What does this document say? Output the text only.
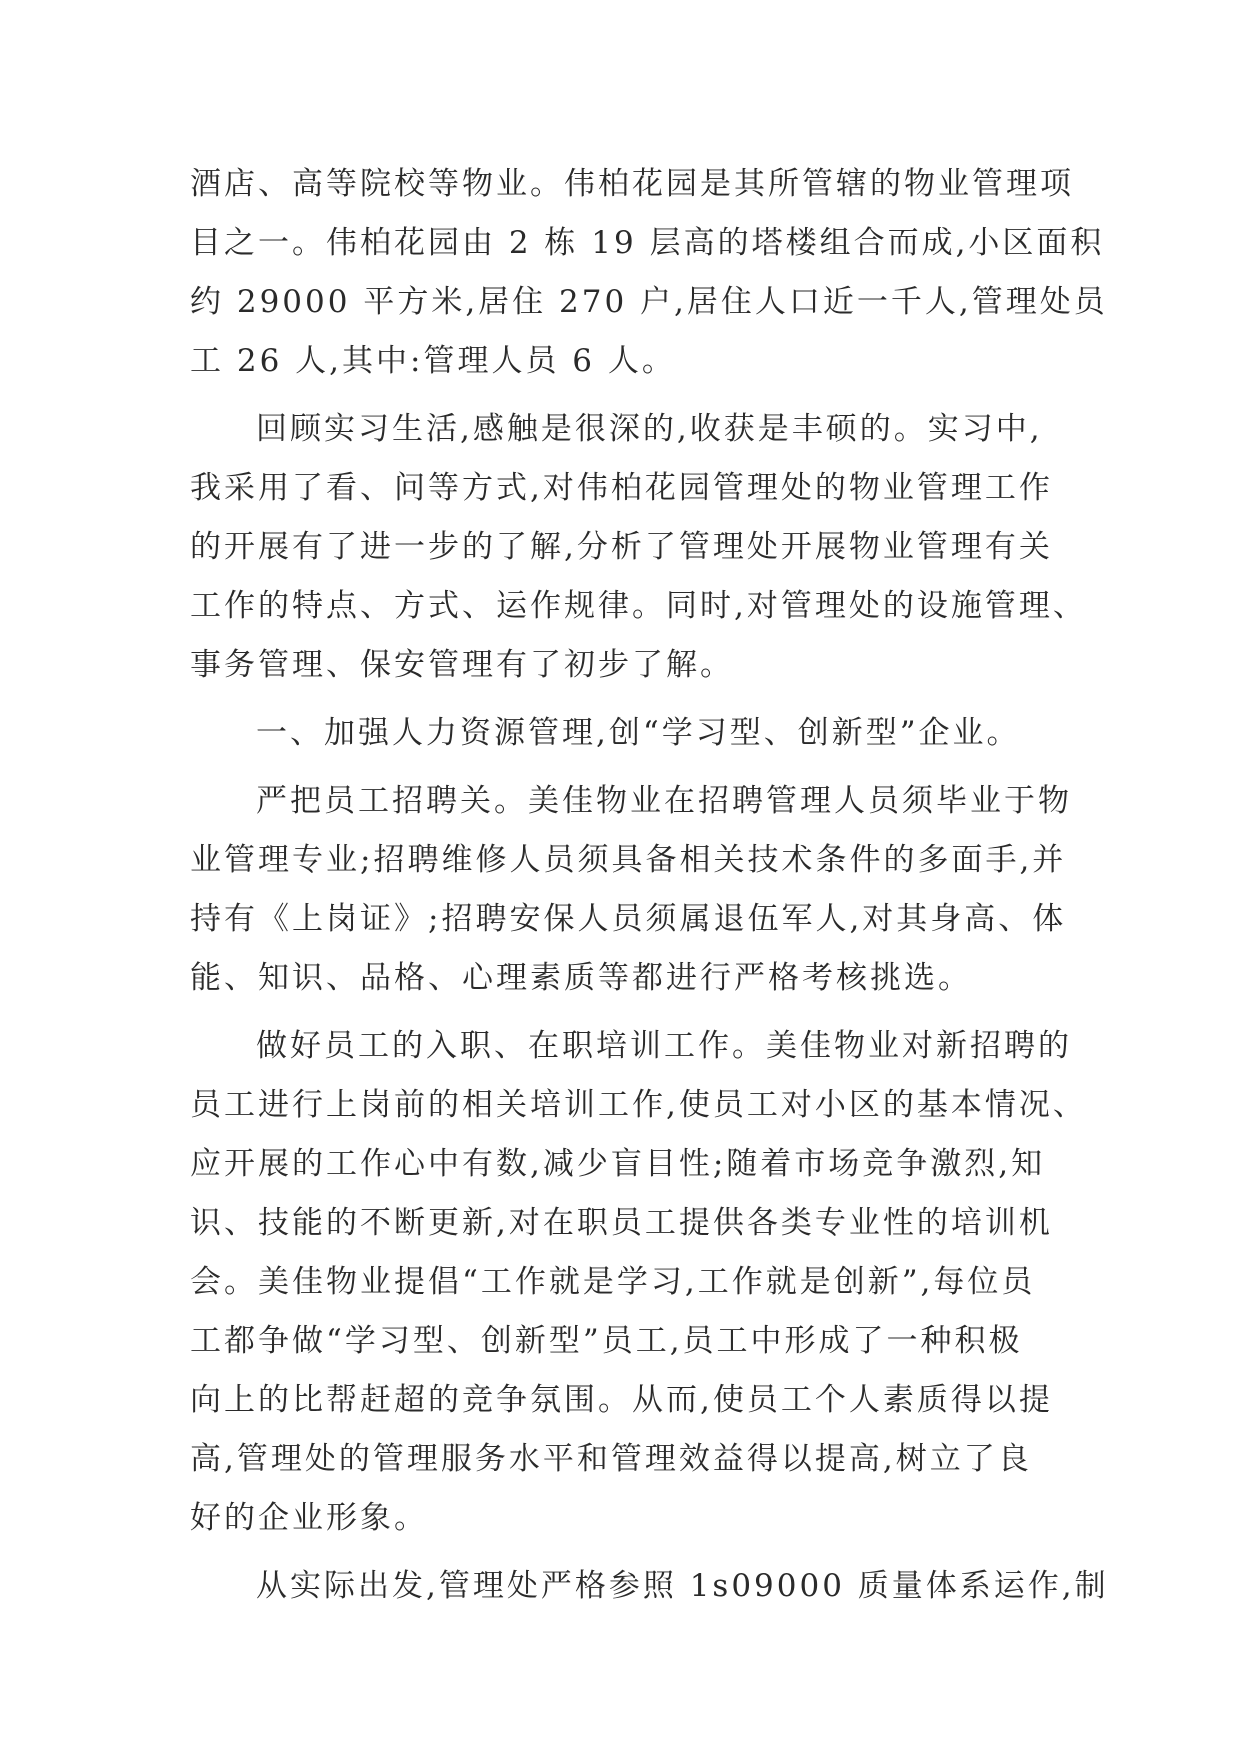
酒店、高等院校等物业。伟柏花园是其所管辖的物业管理项
目之一。伟柏花园由 2 栋 19 层高的塔楼组合而成,小区面积
约 29000 平方米,居住 270 户,居住人口近一千人,管理处员
工 26 人,其中:管理人员 6 人。
回顾实习生活,感触是很深的,收获是丰硕的。实习中,
我采用了看、问等方式,对伟柏花园管理处的物业管理工作
的开展有了进一步的了解,分析了管理处开展物业管理有关
工作的特点、方式、运作规律。同时,对管理处的设施管理、
事务管理、保安管理有了初步了解。
一、加强人力资源管理,创“学习型、创新型”企业。
严把员工招聘关。美佳物业在招聘管理人员须毕业于物
业管理专业;招聘维修人员须具备相关技术条件的多面手,并
持有《上岗证》;招聘安保人员须属退伍军人,对其身高、体
能、知识、品格、心理素质等都进行严格考核挑选。
做好员工的入职、在职培训工作。美佳物业对新招聘的
员工进行上岗前的相关培训工作,使员工对小区的基本情况、
应开展的工作心中有数,减少盲目性;随着市场竞争激烈,知
识、技能的不断更新,对在职员工提供各类专业性的培训机
会。美佳物业提倡“工作就是学习,工作就是创新”,每位员
工都争做“学习型、创新型”员工,员工中形成了一种积极
向上的比帮赶超的竞争氛围。从而,使员工个人素质得以提
高,管理处的管理服务水平和管理效益得以提高,树立了良
好的企业形象。
从实际出发,管理处严格参照 1s09000 质量体系运作,制
